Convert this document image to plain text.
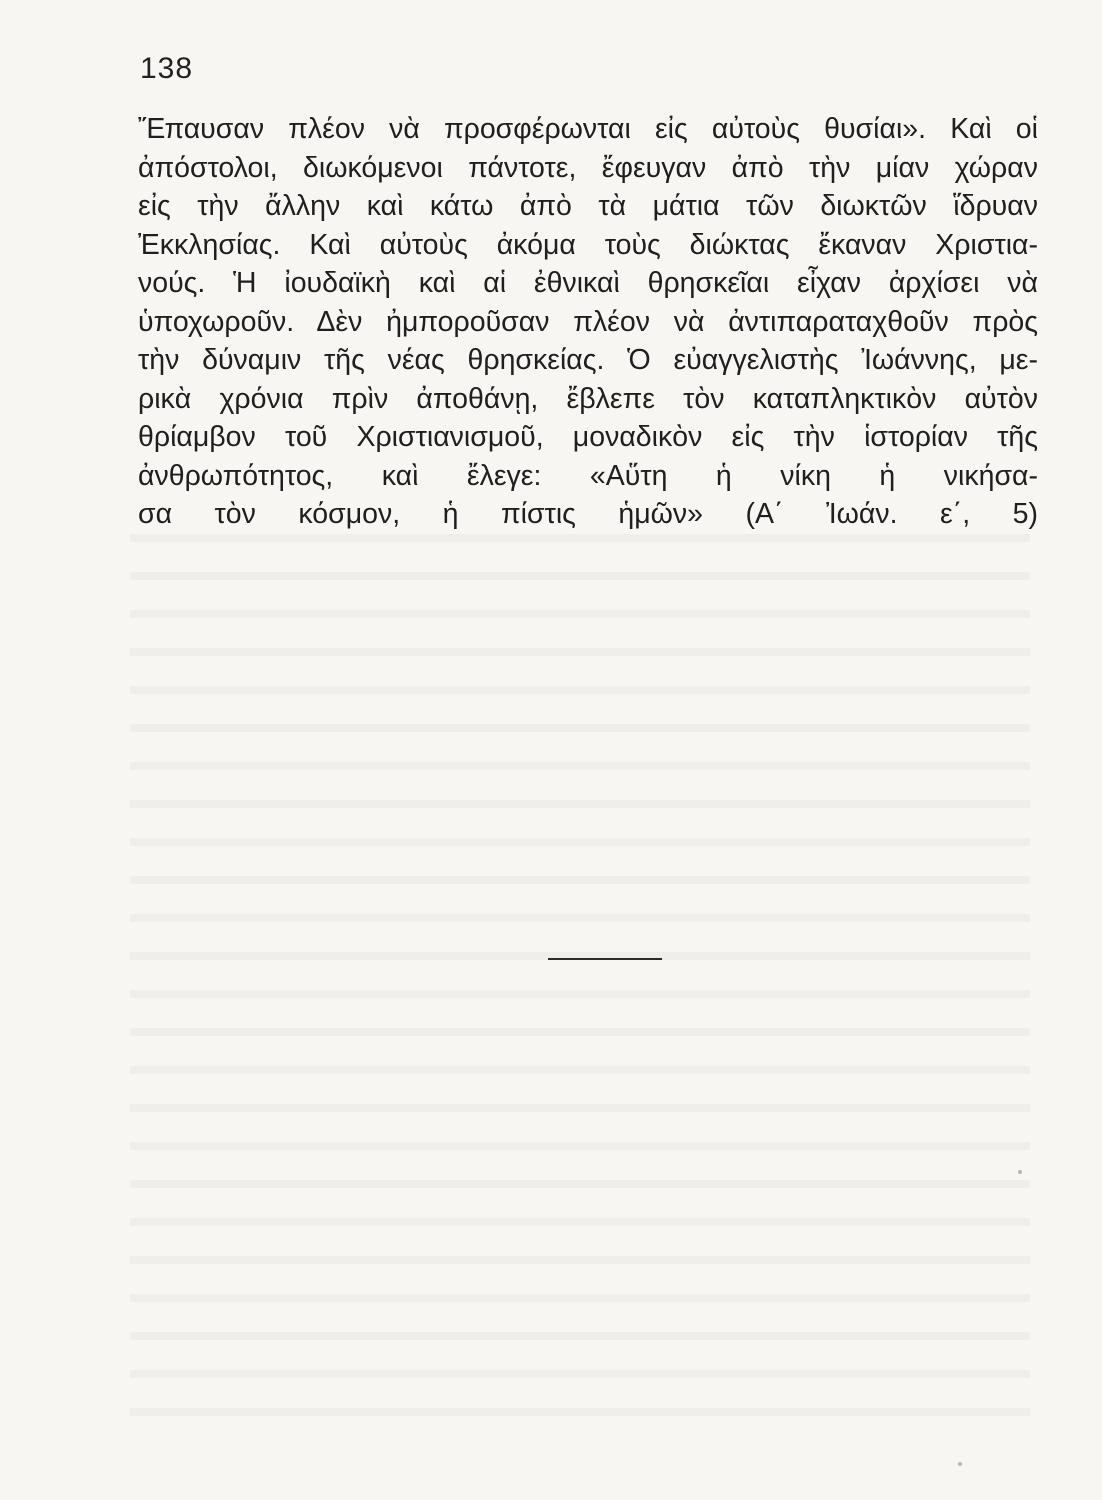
138
Ἔπαυσαν πλέον νὰ προσφέρωνται εἰς αὐτοὺς θυσίαι». Καὶ οἱ
ἀπόστολοι, διωκόμενοι πάντοτε, ἔφευγαν ἀπὸ τὴν μίαν χώραν
εἰς τὴν ἄλλην καὶ κάτω ἀπὸ τὰ μάτια τῶν διωκτῶν ἵδρυαν
Ἐκκλησίας. Καὶ αὐτοὺς ἀκόμα τοὺς διώκτας ἔκαναν Χριστια-
νούς. Ἡ ἰουδαϊκὴ καὶ αἱ ἐθνικαὶ θρησκεῖαι εἶχαν ἀρχίσει νὰ
ὑποχωροῦν. Δὲν ἠμποροῦσαν πλέον νὰ ἀντιπαραταχθοῦν πρὸς
τὴν δύναμιν τῆς νέας θρησκείας. Ὁ εὐαγγελιστὴς Ἰωάννης, με-
ρικὰ χρόνια πρὶν ἀποθάνῃ, ἔβλεπε τὸν καταπληκτικὸν αὐτὸν
θρίαμβον τοῦ Χριστιανισμοῦ, μοναδικὸν εἰς τὴν ἱστορίαν τῆς
ἀνθρωπότητος, καὶ ἔλεγε: «Αὕτη ἡ νίκη ἡ νικήσα-
σα τὸν κόσμον, ἡ πίστις ἡμῶν» (Α΄ Ἰωάν. ε΄, 5)
